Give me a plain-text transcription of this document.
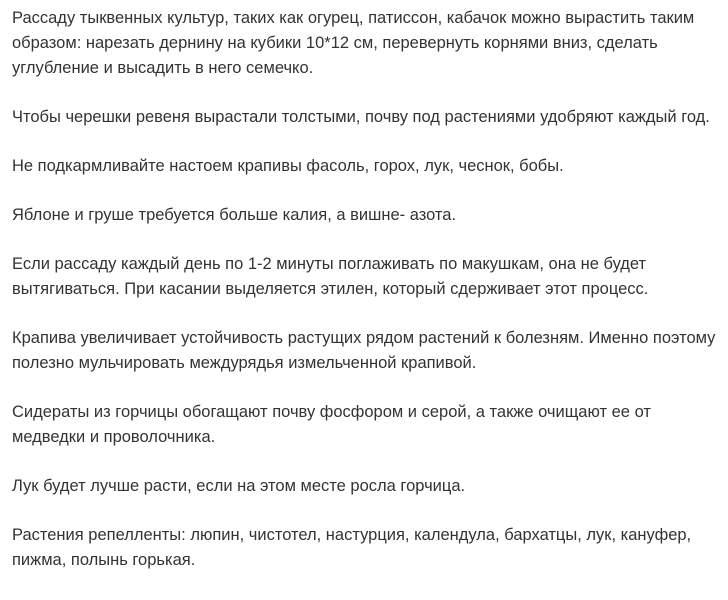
Рассаду тыквенных культур, таких как огурец, патиссон, кабачок можно вырастить таким образом: нарезать дернину на кубики 10*12 см, перевернуть корнями вниз, сделать углубление и высадить в него семечко.

Чтобы черешки ревеня вырастали толстыми, почву под растениями удобряют каждый год.

Не подкармливайте настоем крапивы фасоль, горох, лук, чеснок, бобы.

Яблоне и груше требуется больше калия, а вишне- азота.

Если рассаду каждый день по 1-2 минуты поглаживать по макушкам, она не будет вытягиваться. При касании выделяется этилен, который сдерживает этот процесс.

Крапива увеличивает устойчивость растущих рядом растений к болезням. Именно поэтому полезно мульчировать междурядья измельченной крапивой.

Сидераты из горчицы обогащают почву фосфором и серой, а также очищают ее от медведки и проволочника.

Лук будет лучше расти, если на этом месте росла горчица.

Растения репелленты: люпин, чистотел, настурция, календула, бархатцы, лук, кануфер, пижма, полынь горькая.
